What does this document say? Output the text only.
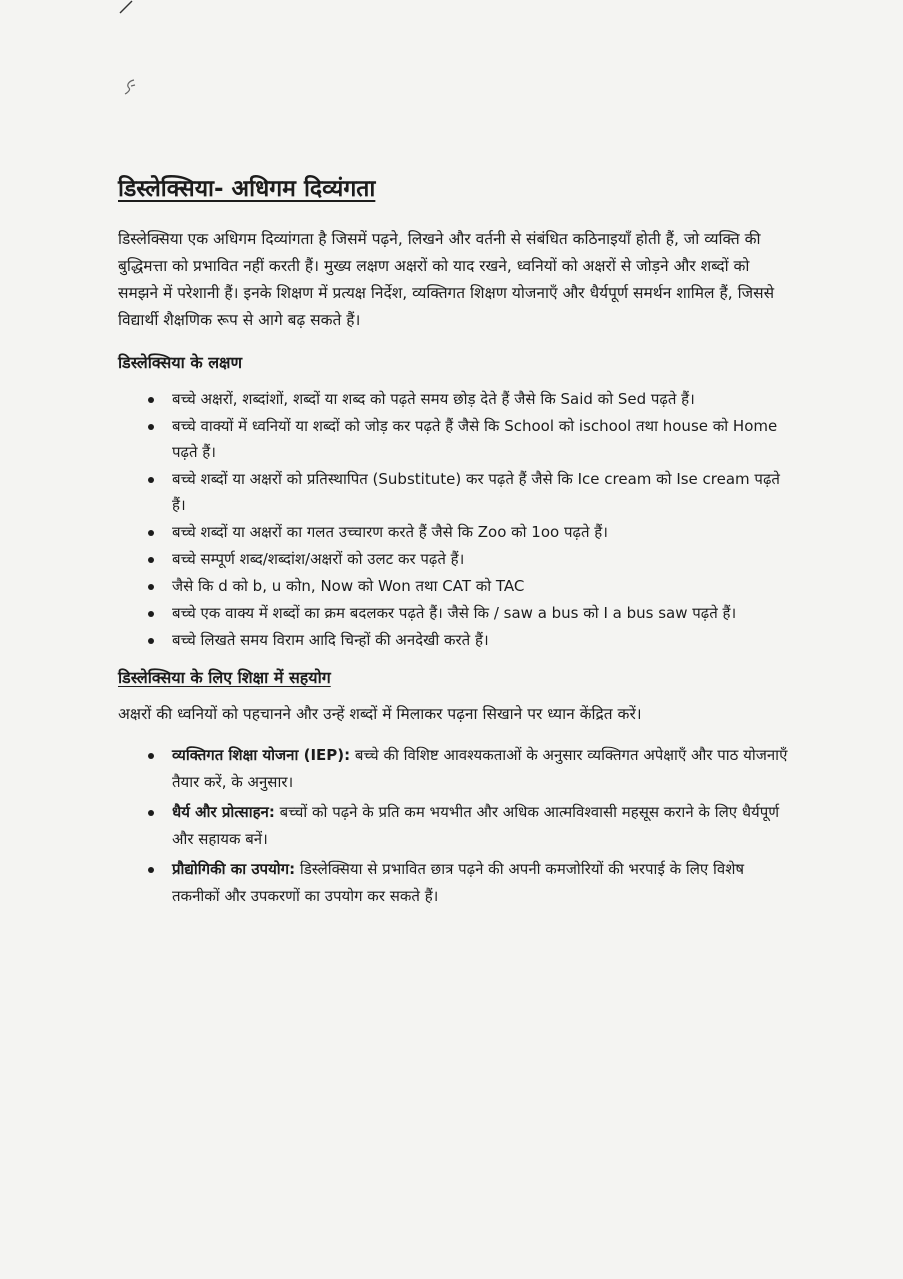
डिस्लेक्सिया- अधिगम दिव्यंगता

डिस्लेक्सिया एक अधिगम दिव्यांगता है जिसमें पढ़ने, लिखने और वर्तनी से संबंधित कठिनाइयाँ होती हैं, जो व्यक्ति की बुद्धिमत्ता को प्रभावित नहीं करती हैं। मुख्य लक्षण अक्षरों को याद रखने, ध्वनियों को अक्षरों से जोड़ने और शब्दों को समझने में परेशानी हैं। इनके शिक्षण में प्रत्यक्ष निर्देश, व्यक्तिगत शिक्षण योजनाएँ और धैर्यपूर्ण समर्थन शामिल हैं, जिससे विद्यार्थी शैक्षणिक रूप से आगे बढ़ सकते हैं।

डिस्लेक्सिया के लक्षण
बच्चे अक्षरों, शब्दांशों, शब्दों या शब्द को पढ़ते समय छोड़ देते हैं जैसे कि Said को Sed पढ़ते हैं।
बच्चे वाक्यों में ध्वनियों या शब्दों को जोड़ कर पढ़ते हैं जैसे कि School को ischool तथा house को Home पढ़ते हैं।
बच्चे शब्दों या अक्षरों को प्रतिस्थापित (Substitute) कर पढ़ते हैं जैसे कि Ice cream को Ise cream पढ़ते हैं।
बच्चे शब्दों या अक्षरों का गलत उच्चारण करते हैं जैसे कि Zoo को 1oo पढ़ते हैं।
बच्चे सम्पूर्ण शब्द/शब्दांश/अक्षरों को उलट कर पढ़ते हैं।
जैसे कि d को b, u कोn, Now को Won तथा CAT को TAC
बच्चे एक वाक्य में शब्दों का क्रम बदलकर पढ़ते हैं। जैसे कि / saw a bus को I a bus saw पढ़ते हैं।
बच्चे लिखते समय विराम आदि चिन्हों की अनदेखी करते हैं।
डिस्लेक्सिया के लिए शिक्षा में सहयोग

अक्षरों की ध्वनियों को पहचानने और उन्हें शब्दों में मिलाकर पढ़ना सिखाने पर ध्यान केंद्रित करें।

व्यक्तिगत शिक्षा योजना (IEP): बच्चे की विशिष्ट आवश्यकताओं के अनुसार व्यक्तिगत अपेक्षाएँ और पाठ योजनाएँ तैयार करें, के अनुसार।
धैर्य और प्रोत्साहन: बच्चों को पढ़ने के प्रति कम भयभीत और अधिक आत्मविश्वासी महसूस कराने के लिए धैर्यपूर्ण और सहायक बनें।
प्रौद्योगिकी का उपयोग: डिस्लेक्सिया से प्रभावित छात्र पढ़ने की अपनी कमजोरियों की भरपाई के लिए विशेष तकनीकों और उपकरणों का उपयोग कर सकते हैं।
